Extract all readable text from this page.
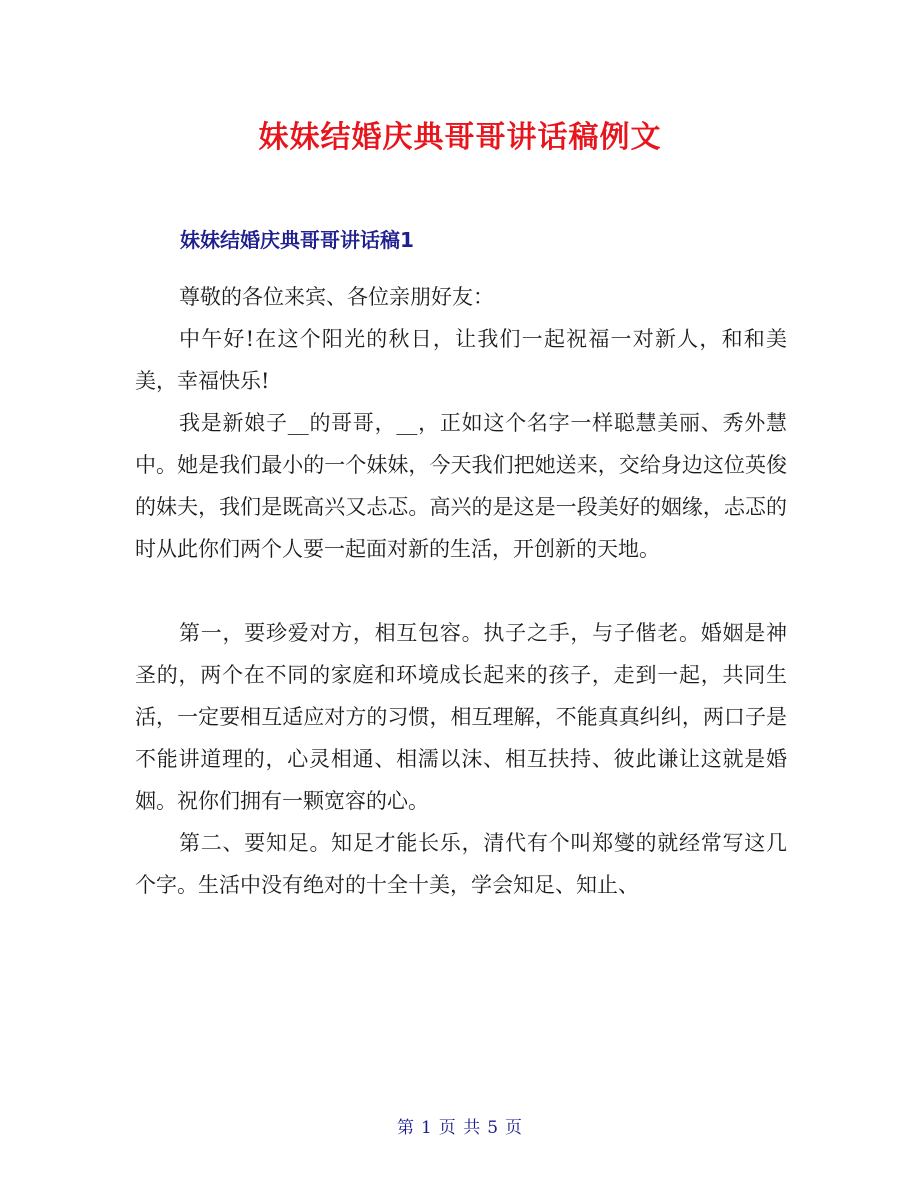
妹妹结婚庆典哥哥讲话稿例文
妹妹结婚庆典哥哥讲话稿1

尊敬的各位来宾、各位亲朋好友：

中午好!在这个阳光的秋日，让我们一起祝福一对新人，和和美美，幸福快乐!

我是新娘子__的哥哥，__，正如这个名字一样聪慧美丽、秀外慧中。她是我们最小的一个妹妹，今天我们把她送来，交给身边这位英俊的妹夫，我们是既高兴又忐忑。高兴的是这是一段美好的姻缘，忐忑的时从此你们两个人要一起面对新的生活，开创新的天地。

第一，要珍爱对方，相互包容。执子之手，与子偕老。婚姻是神圣的，两个在不同的家庭和环境成长起来的孩子，走到一起，共同生活，一定要相互适应对方的习惯，相互理解，不能真真纠纠，两口子是不能讲道理的，心灵相通、相濡以沫、相互扶持、彼此谦让这就是婚姻。祝你们拥有一颗宽容的心。

第二、要知足。知足才能长乐，清代有个叫郑燮的就经常写这几个字。生活中没有绝对的十全十美，学会知足、知止、

第 1 页 共 5 页
